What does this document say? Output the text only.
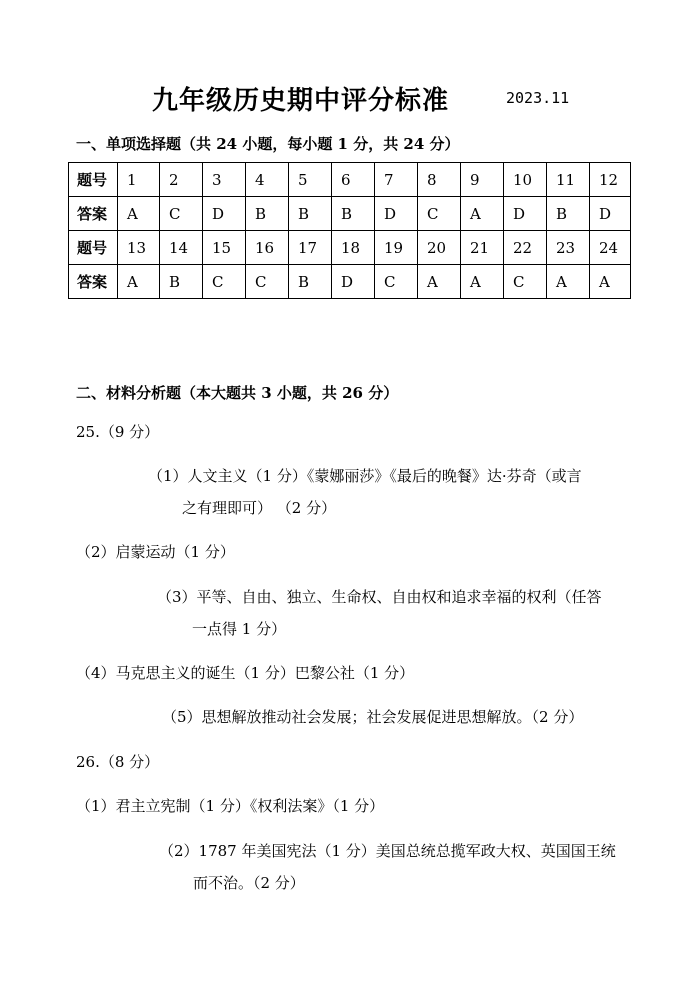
九年级历史期中评分标准	2023.11
一、单项选择题（共 24 小题，每小题 1 分，共 24 分）
题号	1	2	3	4	5	6	7	8	9	10	11	12
答案	A	C	D	B	B	B	D	C	A	D	B	D
题号	13	14	15	16	17	18	19	20	21	22	23	24
答案	A	B	C	C	B	D	C	A	A	C	A	A
二、材料分析题（本大题共 3 小题，共 26 分）
25.（9 分）
（1）人文主义（1 分）《蒙娜丽莎》《最后的晚餐》达·芬奇（或言
之有理即可） （2 分）
（2）启蒙运动（1 分）
（3）平等、自由、独立、生命权、自由权和追求幸福的权利（任答
一点得 1 分）
（4）马克思主义的诞生（1 分）巴黎公社（1 分）
（5）思想解放推动社会发展；社会发展促进思想解放。（2 分）
26.（8 分）
（1）君主立宪制（1 分）《权利法案》（1 分）
（2）1787 年美国宪法（1 分）美国总统总揽军政大权、英国国王统
而不治。（2 分）
